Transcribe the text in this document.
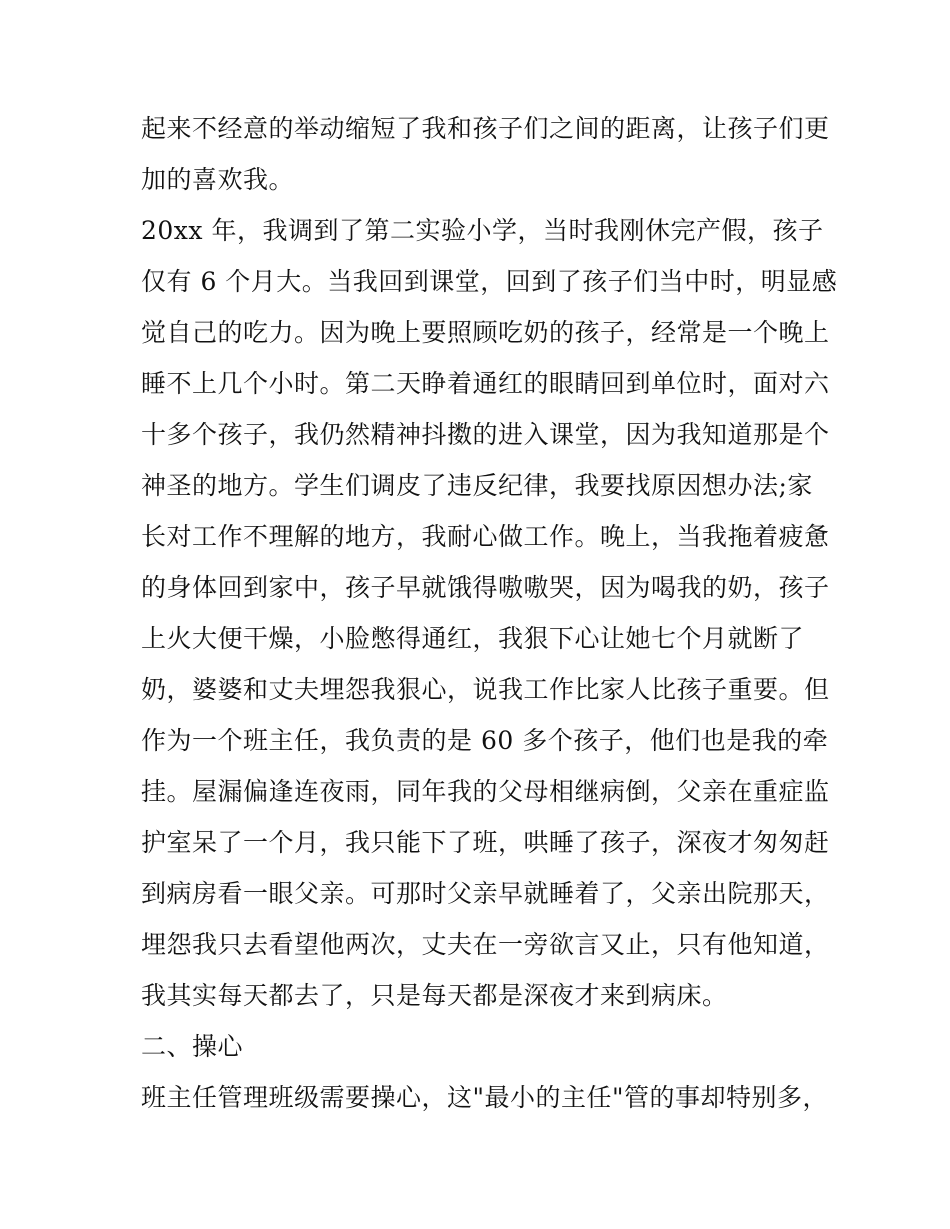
起来不经意的举动缩短了我和孩子们之间的距离，让孩子们更
加的喜欢我。
20xx 年，我调到了第二实验小学，当时我刚休完产假，孩子
仅有 6 个月大。当我回到课堂，回到了孩子们当中时，明显感
觉自己的吃力。因为晚上要照顾吃奶的孩子，经常是一个晚上
睡不上几个小时。第二天睁着通红的眼睛回到单位时，面对六
十多个孩子，我仍然精神抖擞的进入课堂，因为我知道那是个
神圣的地方。学生们调皮了违反纪律，我要找原因想办法;家
长对工作不理解的地方，我耐心做工作。晚上，当我拖着疲惫
的身体回到家中，孩子早就饿得嗷嗷哭，因为喝我的奶，孩子
上火大便干燥，小脸憋得通红，我狠下心让她七个月就断了
奶，婆婆和丈夫埋怨我狠心，说我工作比家人比孩子重要。但
作为一个班主任，我负责的是 60 多个孩子，他们也是我的牵
挂。屋漏偏逢连夜雨，同年我的父母相继病倒，父亲在重症监
护室呆了一个月，我只能下了班，哄睡了孩子，深夜才匆匆赶
到病房看一眼父亲。可那时父亲早就睡着了，父亲出院那天，
埋怨我只去看望他两次，丈夫在一旁欲言又止，只有他知道，
我其实每天都去了，只是每天都是深夜才来到病床。
二、操心
班主任管理班级需要操心，这"最小的主任"管的事却特别多，
